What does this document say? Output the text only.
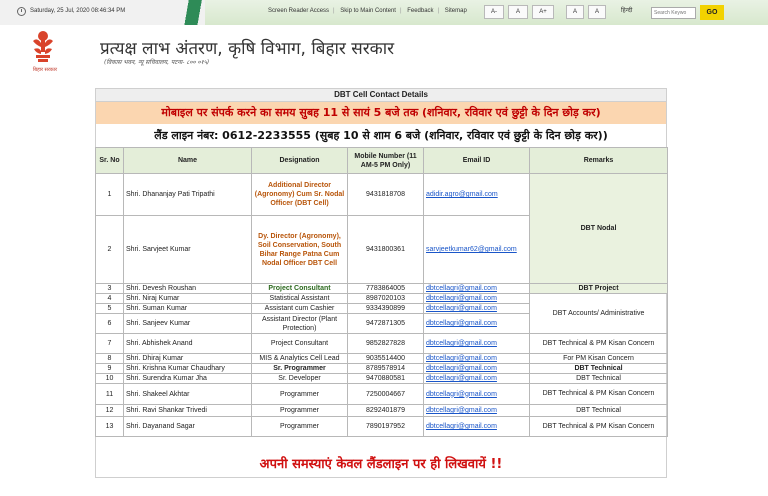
Saturday, 25 Jul, 2020 08:46:34 PM	Screen Reader Access | Skip to Main Content | Feedback | Sitemap	A-	A	A+	A	A	हिन्दी	Search Keywo	GO
बिहार सरकार
प्रत्यक्ष लाभ अंतरण, कृषि विभाग, बिहार सरकार
(विकास भवन, न्यू सचिवालय, पटना- ८०० ०१५)
DBT Cell Contact Details
मोबाइल पर संपर्क करने का समय सुबह 11 से सायं 5 बजे तक (शनिवार, रविवार एवं छुट्टी के दिन छोड़ कर)
लैंड लाइन नंबर: 0612-2233555 (सुबह 10 से शाम 6 बजे (शनिवार, रविवार एवं छुट्टी के दिन छोड़ कर))
Sr. No	Name	Designation	Mobile Number (11 AM-5 PM Only)	Email ID	Remarks
1	Shri. Dhananjay Pati Tripathi	Additional Director (Agronomy) Cum Sr. Nodal Officer (DBT Cell)	9431818708	adidir.agro@gmail.com	DBT Nodal
2	Shri. Sarvjeet Kumar	Dy. Director (Agronomy), Soil Conservation, South Bihar Range Patna Cum Nodal Officer DBT Cell	9431800361	sarvjeetkumar62@gmail.com	
3	Shri. Devesh Roushan	Project Consultant	7783864005	dbtcellagri@gmail.com	DBT Project
4	Shri. Niraj Kumar	Statistical Assistant	8987020103	dbtcellagri@gmail.com	DBT Accounts/ Administrative
5	Shri. Suman Kumar	Assistant cum Cashier	9334390899	dbtcellagri@gmail.com	
6	Shri. Sanjeev Kumar	Assistant Director (Plant Protection)	9472871305	dbtcellagri@gmail.com	
7	Shri. Abhishek Anand	Project Consultant	9852827828	dbtcellagri@gmail.com	DBT Technical & PM Kisan Concern
8	Shri. Dhiraj Kumar	MIS & Analytics Cell Lead	9035514400	dbtcellagri@gmail.com	For PM Kisan Concern
9	Shri. Krishna Kumar Chaudhary	Sr. Programmer	8789578914	dbtcellagri@gmail.com	DBT Technical
10	Shri. Surendra Kumar Jha	Sr. Developer	9470880581	dbtcellagri@gmail.com	DBT Technical
11	Shri. Shakeel Akhtar	Programmer	7250004667	dbtcellagri@gmail.com	DBT Technical & PM Kisan Concern
12	Shri. Ravi Shankar Trivedi	Programmer	8292401879	dbtcellagri@gmail.com	DBT Technical
13	Shri. Dayanand Sagar	Programmer	7890197952	dbtcellagri@gmail.com	DBT Technical & PM Kisan Concern
अपनी समस्याएं केवल लैंडलाइन पर ही लिखवायें !!
